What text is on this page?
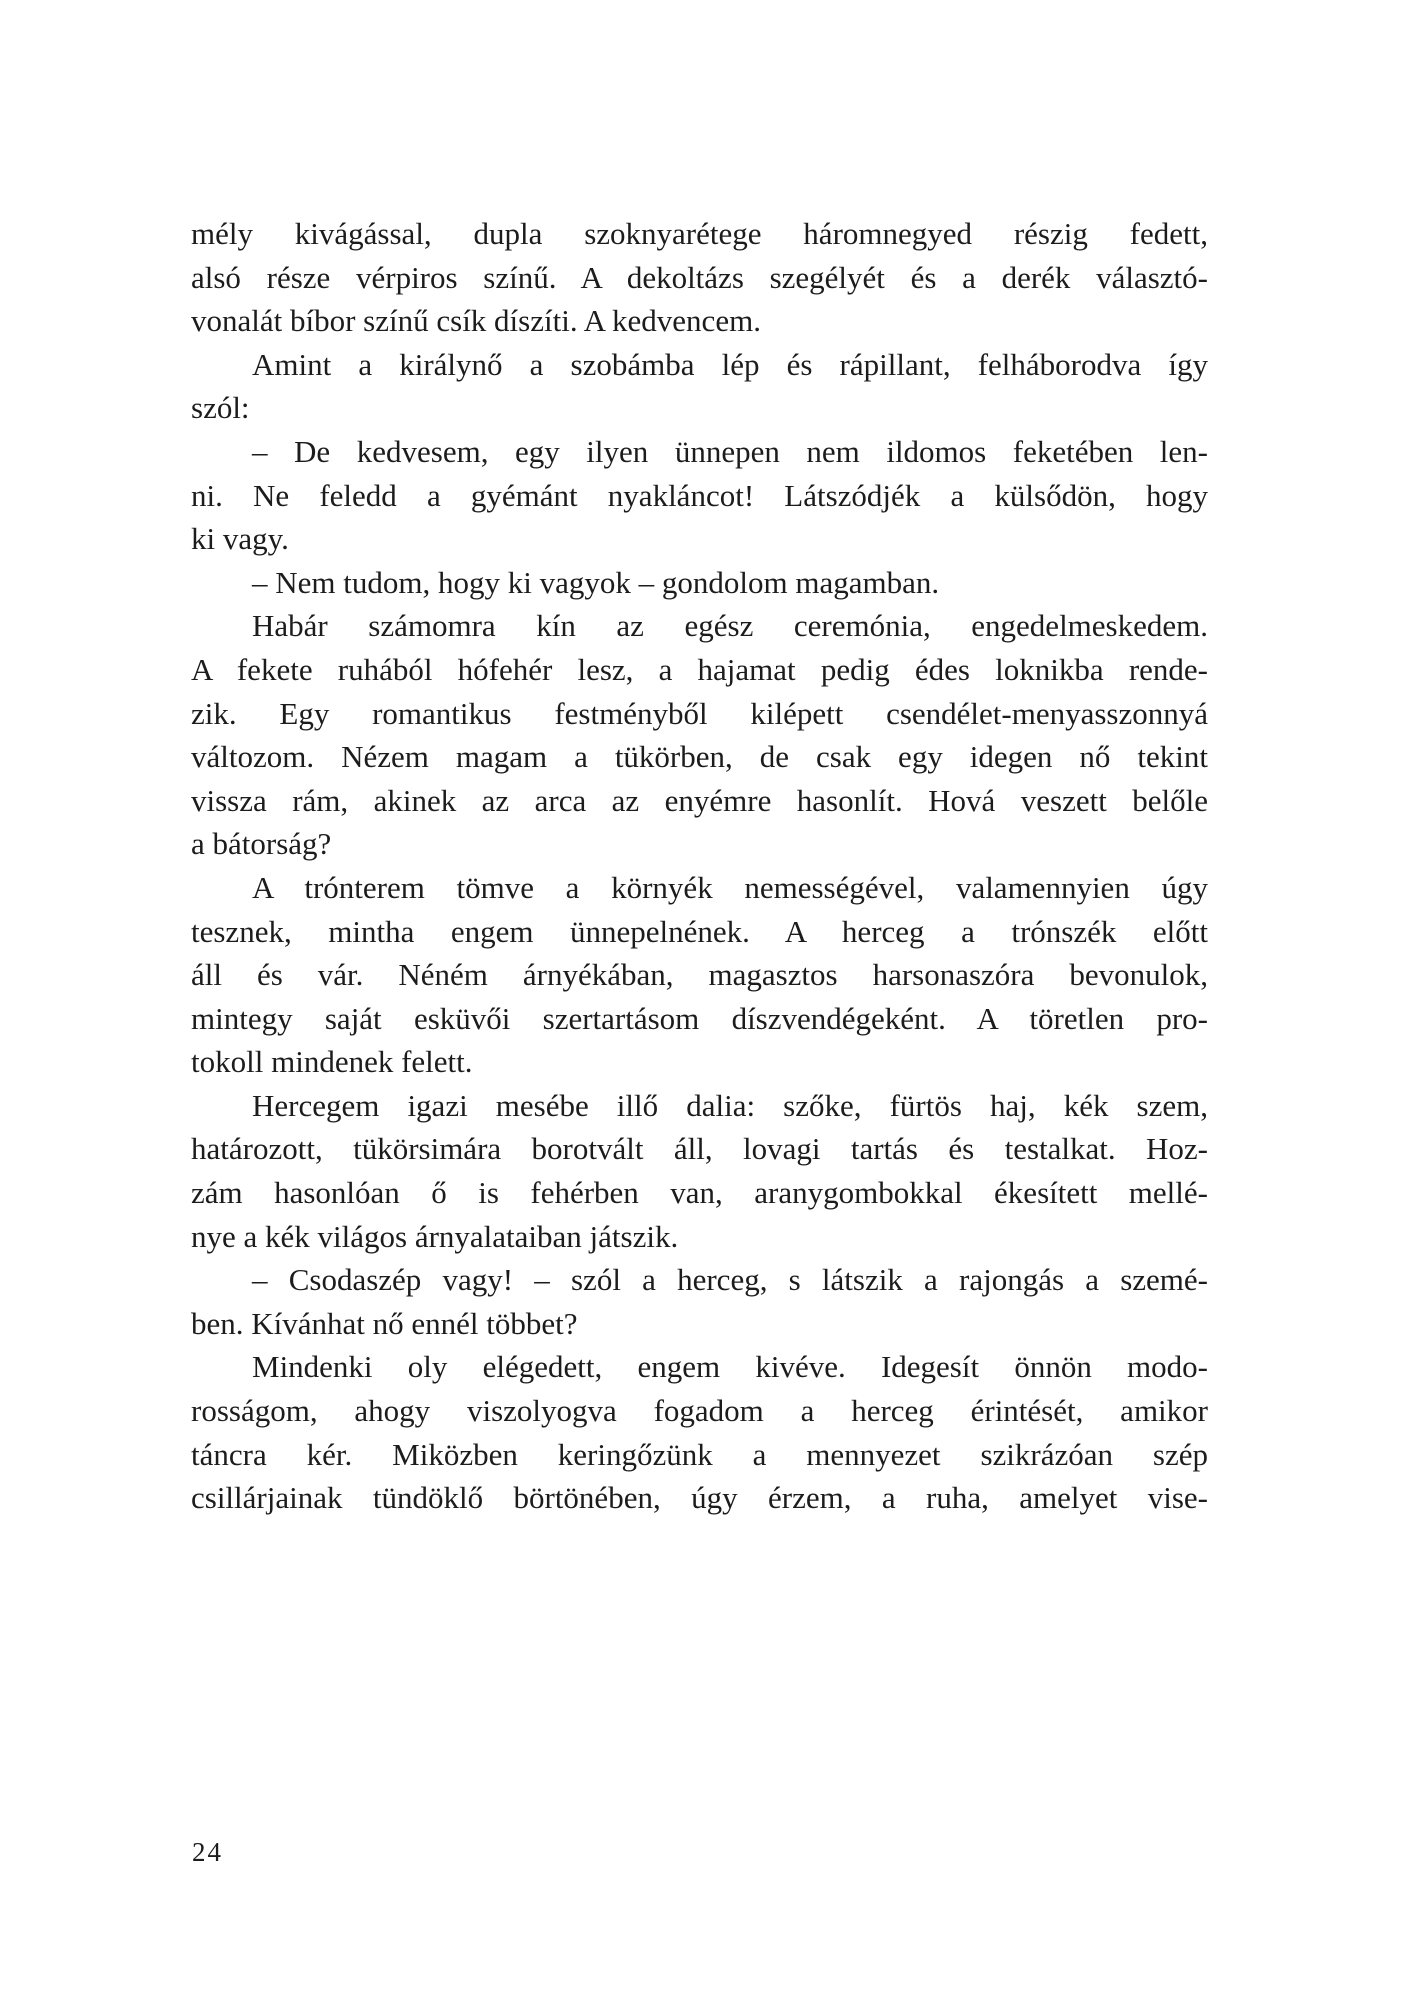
mély kivágással, dupla szoknyarétege háromnegyed részig fedett,
alsó része vérpiros színű. A dekoltázs szegélyét és a derék választó-
vonalát bíbor színű csík díszíti. A kedvencem.
Amint a királynő a szobámba lép és rápillant, felháborodva így
szól:
– De kedvesem, egy ilyen ünnepen nem ildomos feketében len-
ni. Ne feledd a gyémánt nyakláncot! Látszódjék a külsődön, hogy
ki vagy.
– Nem tudom, hogy ki vagyok – gondolom magamban.
Habár számomra kín az egész ceremónia, engedelmeskedem.
A fekete ruhából hófehér lesz, a hajamat pedig édes loknikba rende-
zik. Egy romantikus festményből kilépett csendélet-menyasszonnyá
változom. Nézem magam a tükörben, de csak egy idegen nő tekint
vissza rám, akinek az arca az enyémre hasonlít. Hová veszett belőle
a bátorság?
A trónterem tömve a környék nemességével, valamennyien úgy
tesznek, mintha engem ünnepelnének. A herceg a trónszék előtt
áll és vár. Néném árnyékában, magasztos harsonaszóra bevonulok,
mintegy saját esküvői szertartásom díszvendégeként. A töretlen pro-
tokoll mindenek felett.
Hercegem igazi mesébe illő dalia: szőke, fürtös haj, kék szem,
határozott, tükörsimára borotvált áll, lovagi tartás és testalkat. Hoz-
zám hasonlóan ő is fehérben van, aranygombokkal ékesített mellé-
nye a kék világos árnyalataiban játszik.
– Csodaszép vagy! – szól a herceg, s látszik a rajongás a szemé-
ben. Kívánhat nő ennél többet?
Mindenki oly elégedett, engem kivéve. Idegesít önnön modo-
rosságom, ahogy viszolyogva fogadom a herceg érintését, amikor
táncra kér. Miközben keringőzünk a mennyezet szikrázóan szép
csillárjainak tündöklő börtönében, úgy érzem, a ruha, amelyet vise-
24
